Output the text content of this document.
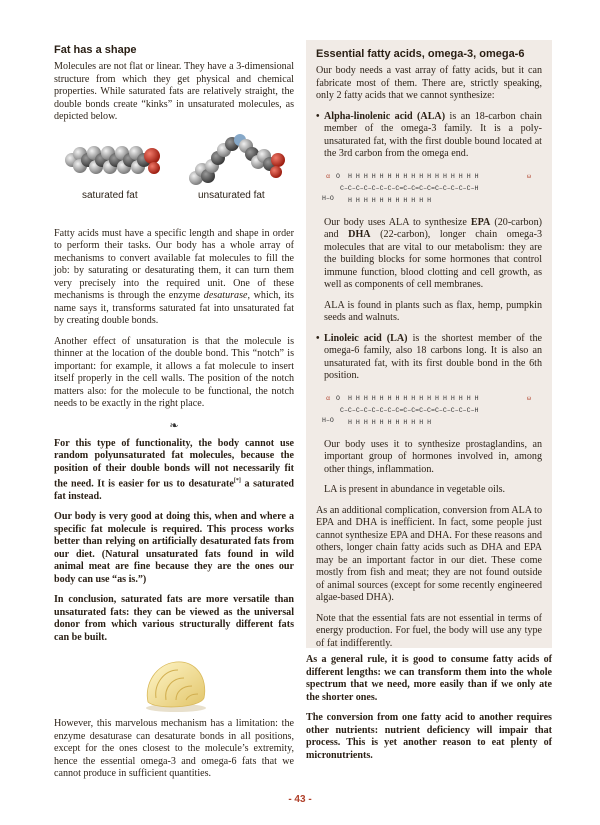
Fat has a shape

Molecules are not flat or linear. They have a 3-dimensional structure from which they get physical and chemical properties. While saturated fats are relatively straight, the double bonds create “kinks” in unsaturated molecules, as depicted below.

saturated fat	unsaturated fat

Fatty acids must have a specific length and shape in order to perform their tasks. Our body has a whole array of mechanisms to convert available fat molecules to fill the job: by saturating or desaturating them, it can turn them very precisely into the required unit. One of these mechanisms is through the enzyme desaturase, which, its name says it, transforms saturated fat into unsaturated fat by creating double bonds.

Another effect of unsaturation is that the molecule is thinner at the location of the double bond. This “notch” is important: for example, it allows a fat molecule to insert itself properly in the cell walls. The position of the notch matters also: for the molecule to be functional, the notch needs to be exactly in the right place.

❧

For this type of functionality, the body cannot use random polyunsaturated fat molecules, because the position of their double bonds will not necessarily fit the need. It is easier for us to desaturate[*] a saturated fat instead.

Our body is very good at doing this, when and where a specific fat molecule is required. This process works better than relying on artificially desaturated fats from our diet. (Natural unsaturated fats found in wild animal meat are fine because they are the ones our body can use “as is.”)

In conclusion, saturated fats are more versatile than unsaturated fats: they can be viewed as the universal donor from which various structurally different fats can be built.

However, this marvelous mechanism has a limitation: the enzyme desaturase can desaturate bonds in all positions, except for the ones closest to the molecule’s extremity, hence the essential omega-3 and omega-6 fats that we cannot produce in sufficient quantities.

Essential fatty acids, omega-3, omega-6

Our body needs a vast array of fatty acids, but it can fabricate most of them. There are, strictly speaking, only 2 fatty acids that we cannot synthesize:

• Alpha-linolenic acid (ALA) is an 18-carbon chain member of the omega-3 family. It is a poly-unsaturated fat, with the first double bound located at the 3rd carbon from the omega end.

α	ω
O H H H H H H H H H H H H H H H H H
C–C–C–C–C–C–C–C=C–C=C–C=C–C–C–C–C–H
H–O H H H H H H H H H H H

Our body uses ALA to synthesize EPA (20-carbon) and DHA (22-carbon), longer chain omega-3 molecules that are vital to our metabolism: they are the building blocks for some hormones that control immune function, blood clotting and cell growth, as well as components of cell membranes.

ALA is found in plants such as flax, hemp, pumpkin seeds and walnuts.

• Linoleic acid (LA) is the shortest member of the omega-6 family, also 18 carbons long. It is also an unsaturated fat, with its first double bond in the 6th position.

α	ω
O H H H H H H H H H H H H H H H H H
C–C–C–C–C–C–C–C=C–C=C–C=C–C–C–C–C–H
H–O H H H H H H H H H H H

Our body uses it to synthesize prostaglandins, an important group of hormones involved in, among other things, inflammation.

LA is present in abundance in vegetable oils.

As an additional complication, conversion from ALA to EPA and DHA is inefficient. In fact, some people just cannot synthesize EPA and DHA. For these reasons and others, longer chain fatty acids such as DHA and EPA may be an important factor in our diet. These come mostly from fish and meat; they are not found outside of animal sources (except for some recently engineered algae-based DHA).

Note that the essential fats are not essential in terms of energy production. For fuel, the body will use any type of fat indifferently.

As a general rule, it is good to consume fatty acids of different lengths: we can transform them into the whole spectrum that we need, more easily than if we only ate the shorter ones.

The conversion from one fatty acid to another requires other nutrients: nutrient deficiency will impair that process. This is yet another reason to eat plenty of micronutrients.

- 43 -
